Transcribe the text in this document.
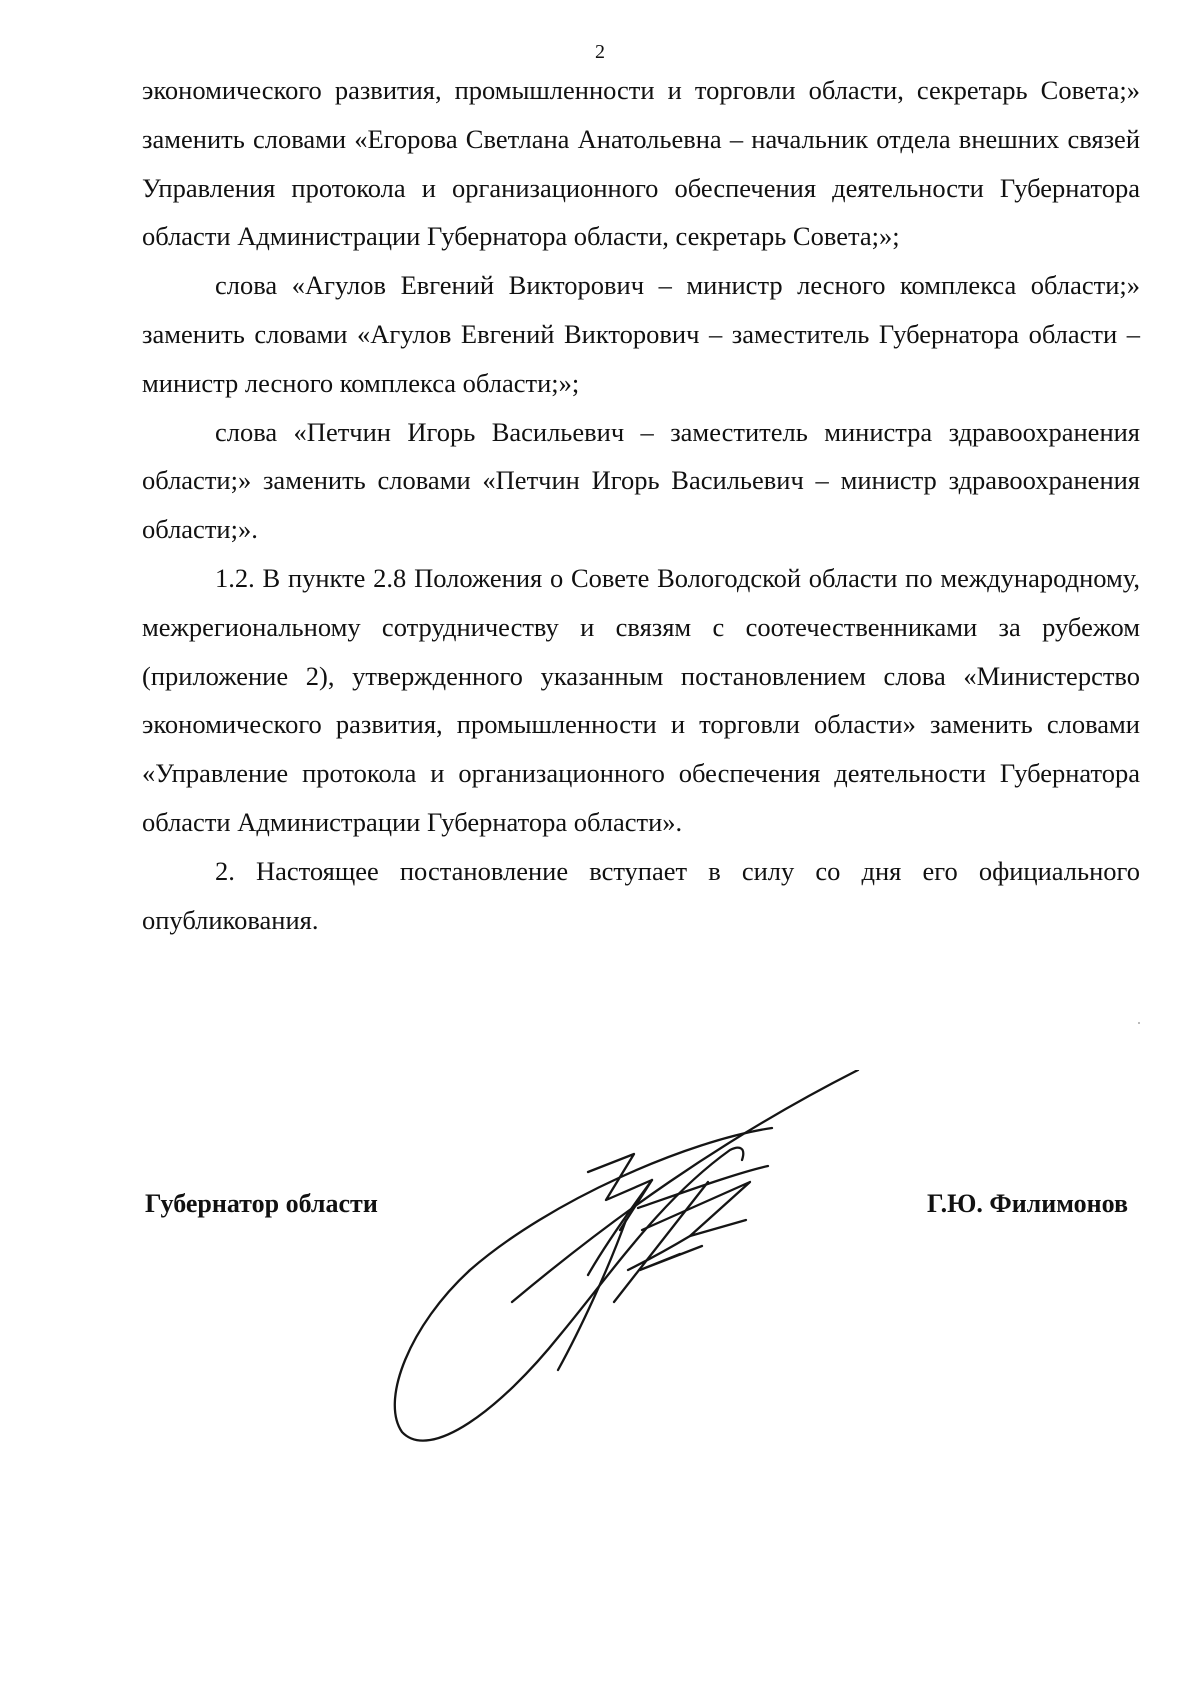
2

экономического развития, промышленности и торговли области, секретарь Совета;» заменить словами «Егорова Светлана Анатольевна – начальник отдела внешних связей Управления протокола и организационного обеспечения деятельности Губернатора области Администрации Губернатора области, секретарь Совета;»;

слова «Агулов Евгений Викторович – министр лесного комплекса области;» заменить словами «Агулов Евгений Викторович – заместитель Губернатора области – министр лесного комплекса области;»;

слова «Петчин Игорь Васильевич – заместитель министра здравоохранения области;» заменить словами «Петчин Игорь Васильевич – министр здравоохранения области;».

1.2. В пункте 2.8 Положения о Совете Вологодской области по международному, межрегиональному сотрудничеству и связям с соотечественниками за рубежом (приложение 2), утвержденного указанным постановлением слова «Министерство экономического развития, промышленности и торговли области» заменить словами «Управление протокола и организационного обеспечения деятельности Губернатора области Администрации Губернатора области».

2. Настоящее постановление вступает в силу со дня его официального опубликования.

Губернатор области	Г.Ю. Филимонов
